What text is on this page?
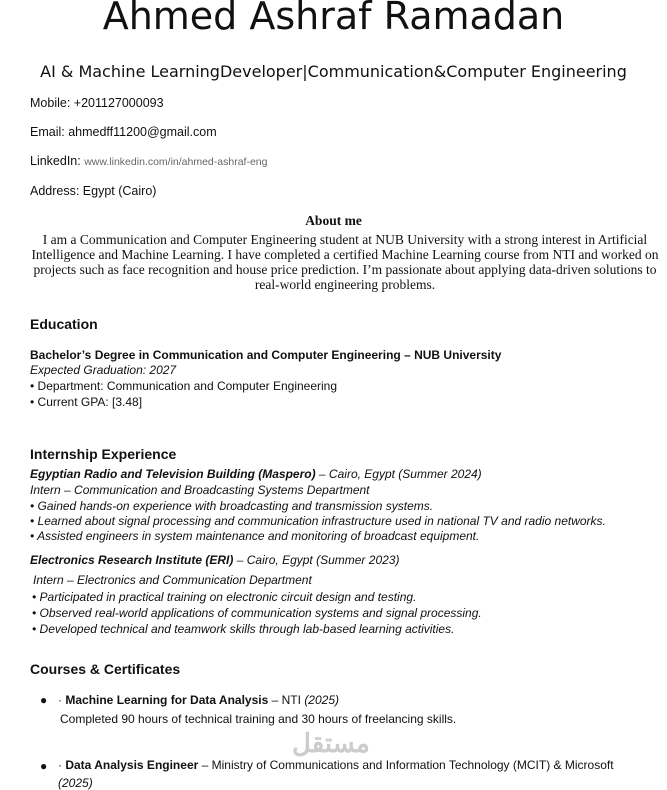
Ahmed Ashraf Ramadan
AI & Machine LearningDeveloper|Communication&Computer Engineering
Mobile: +201127000093
Email: ahmedff11200@gmail.com
LinkedIn: www.linkedin.com/in/ahmed-ashraf-eng
Address: Egypt (Cairo)
About me
I am a Communication and Computer Engineering student at NUB University with a strong interest in Artificial Intelligence and Machine Learning. I have completed a certified Machine Learning course from NTI and worked on projects such as face recognition and house price prediction. I’m passionate about applying data-driven solutions to real-world engineering problems.
Education
Bachelor’s Degree in Communication and Computer Engineering – NUB University
Expected Graduation: 2027
• Department: Communication and Computer Engineering
• Current GPA: [3.48]
Internship Experience
Egyptian Radio and Television Building (Maspero) – Cairo, Egypt (Summer 2024)
Intern – Communication and Broadcasting Systems Department
• Gained hands-on experience with broadcasting and transmission systems.
• Learned about signal processing and communication infrastructure used in national TV and radio networks.
• Assisted engineers in system maintenance and monitoring of broadcast equipment.
Electronics Research Institute (ERI) – Cairo, Egypt (Summer 2023)
Intern – Electronics and Communication Department
• Participated in practical training on electronic circuit design and testing.
• Observed real-world applications of communication systems and signal processing.
• Developed technical and teamwork skills through lab-based learning activities.
Courses & Certificates
● · Machine Learning for Data Analysis – NTI (2025)
Completed 90 hours of technical training and 30 hours of freelancing skills.
مستقل
● · Data Analysis Engineer – Ministry of Communications and Information Technology (MCIT) & Microsoft
(2025)
